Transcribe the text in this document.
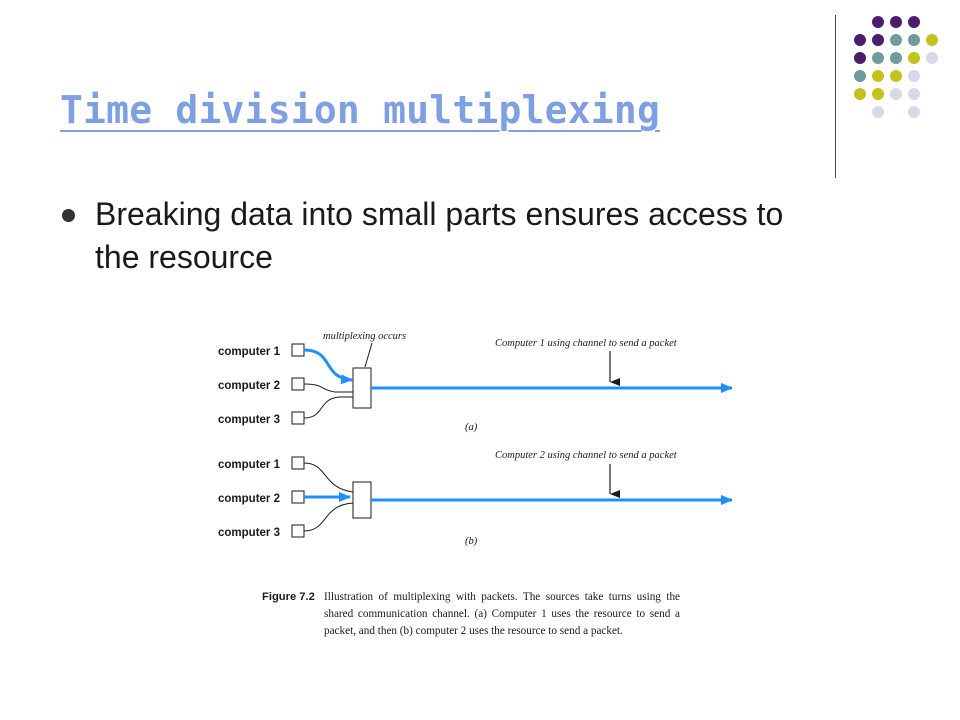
Time division multiplexing
Breaking data into small parts ensures access to the resource
computer 1
computer 2
computer 3
multiplexing occurs
Computer 1 using channel to send a packet
(a)
computer 1
computer 2
computer 3
Computer 2 using channel to send a packet
(b)
Figure 7.2 Illustration of multiplexing with packets. The sources take turns using the shared communication channel. (a) Computer 1 uses the resource to send a packet, and then (b) computer 2 uses the resource to send a packet.
